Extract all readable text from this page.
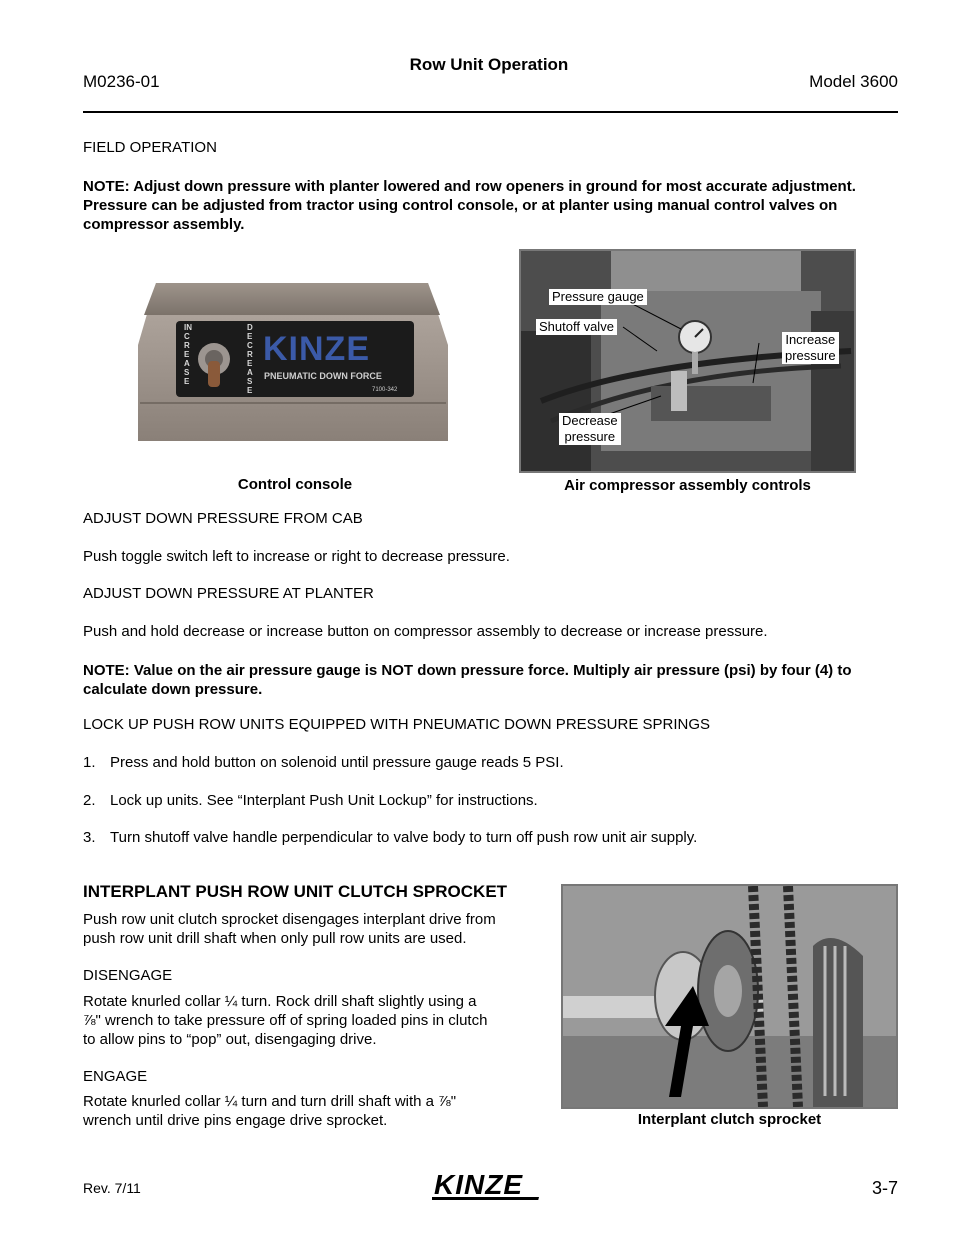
M0236-01
Row Unit Operation
Model 3600
FIELD OPERATION
NOTE: Adjust down pressure with planter lowered and row openers in ground for most accurate adjustment.
Pressure can be adjusted from tractor using control console, or at planter using manual control valves on
compressor assembly.
KINZE
PNEUMATIC DOWN FORCE
7100-342
INCREASE
DECREASE
Control console
Pressure gauge
Shutoff valve
Increase
pressure
Decrease
pressure
Air compressor assembly controls
ADJUST DOWN PRESSURE FROM CAB
Push toggle switch left to increase or right to decrease pressure.
ADJUST DOWN PRESSURE AT PLANTER
Push and hold decrease or increase button on compressor assembly to decrease or increase pressure.
NOTE: Value on the air pressure gauge is NOT down pressure force. Multiply air pressure (psi) by four (4) to
calculate down pressure.
LOCK UP PUSH ROW UNITS EQUIPPED WITH PNEUMATIC DOWN PRESSURE SPRINGS
1. Press and hold button on solenoid until pressure gauge reads 5 PSI.
2. Lock up units. See “Interplant Push Unit Lockup” for instructions.
3. Turn shutoff valve handle perpendicular to valve body to turn off push row unit air supply.
INTERPLANT PUSH ROW UNIT CLUTCH SPROCKET
Push row unit clutch sprocket disengages interplant drive from
push row unit drill shaft when only pull row units are used.
DISENGAGE
Rotate knurled collar ¼ turn. Rock drill shaft slightly using a
⅞" wrench to take pressure off of spring loaded pins in clutch
to allow pins to “pop” out, disengaging drive.
ENGAGE
Rotate knurled collar ¼ turn and turn drill shaft with a ⅞"
wrench until drive pins engage drive sprocket.	Interplant clutch sprocket
Rev. 7/11	KINZE	3-7
